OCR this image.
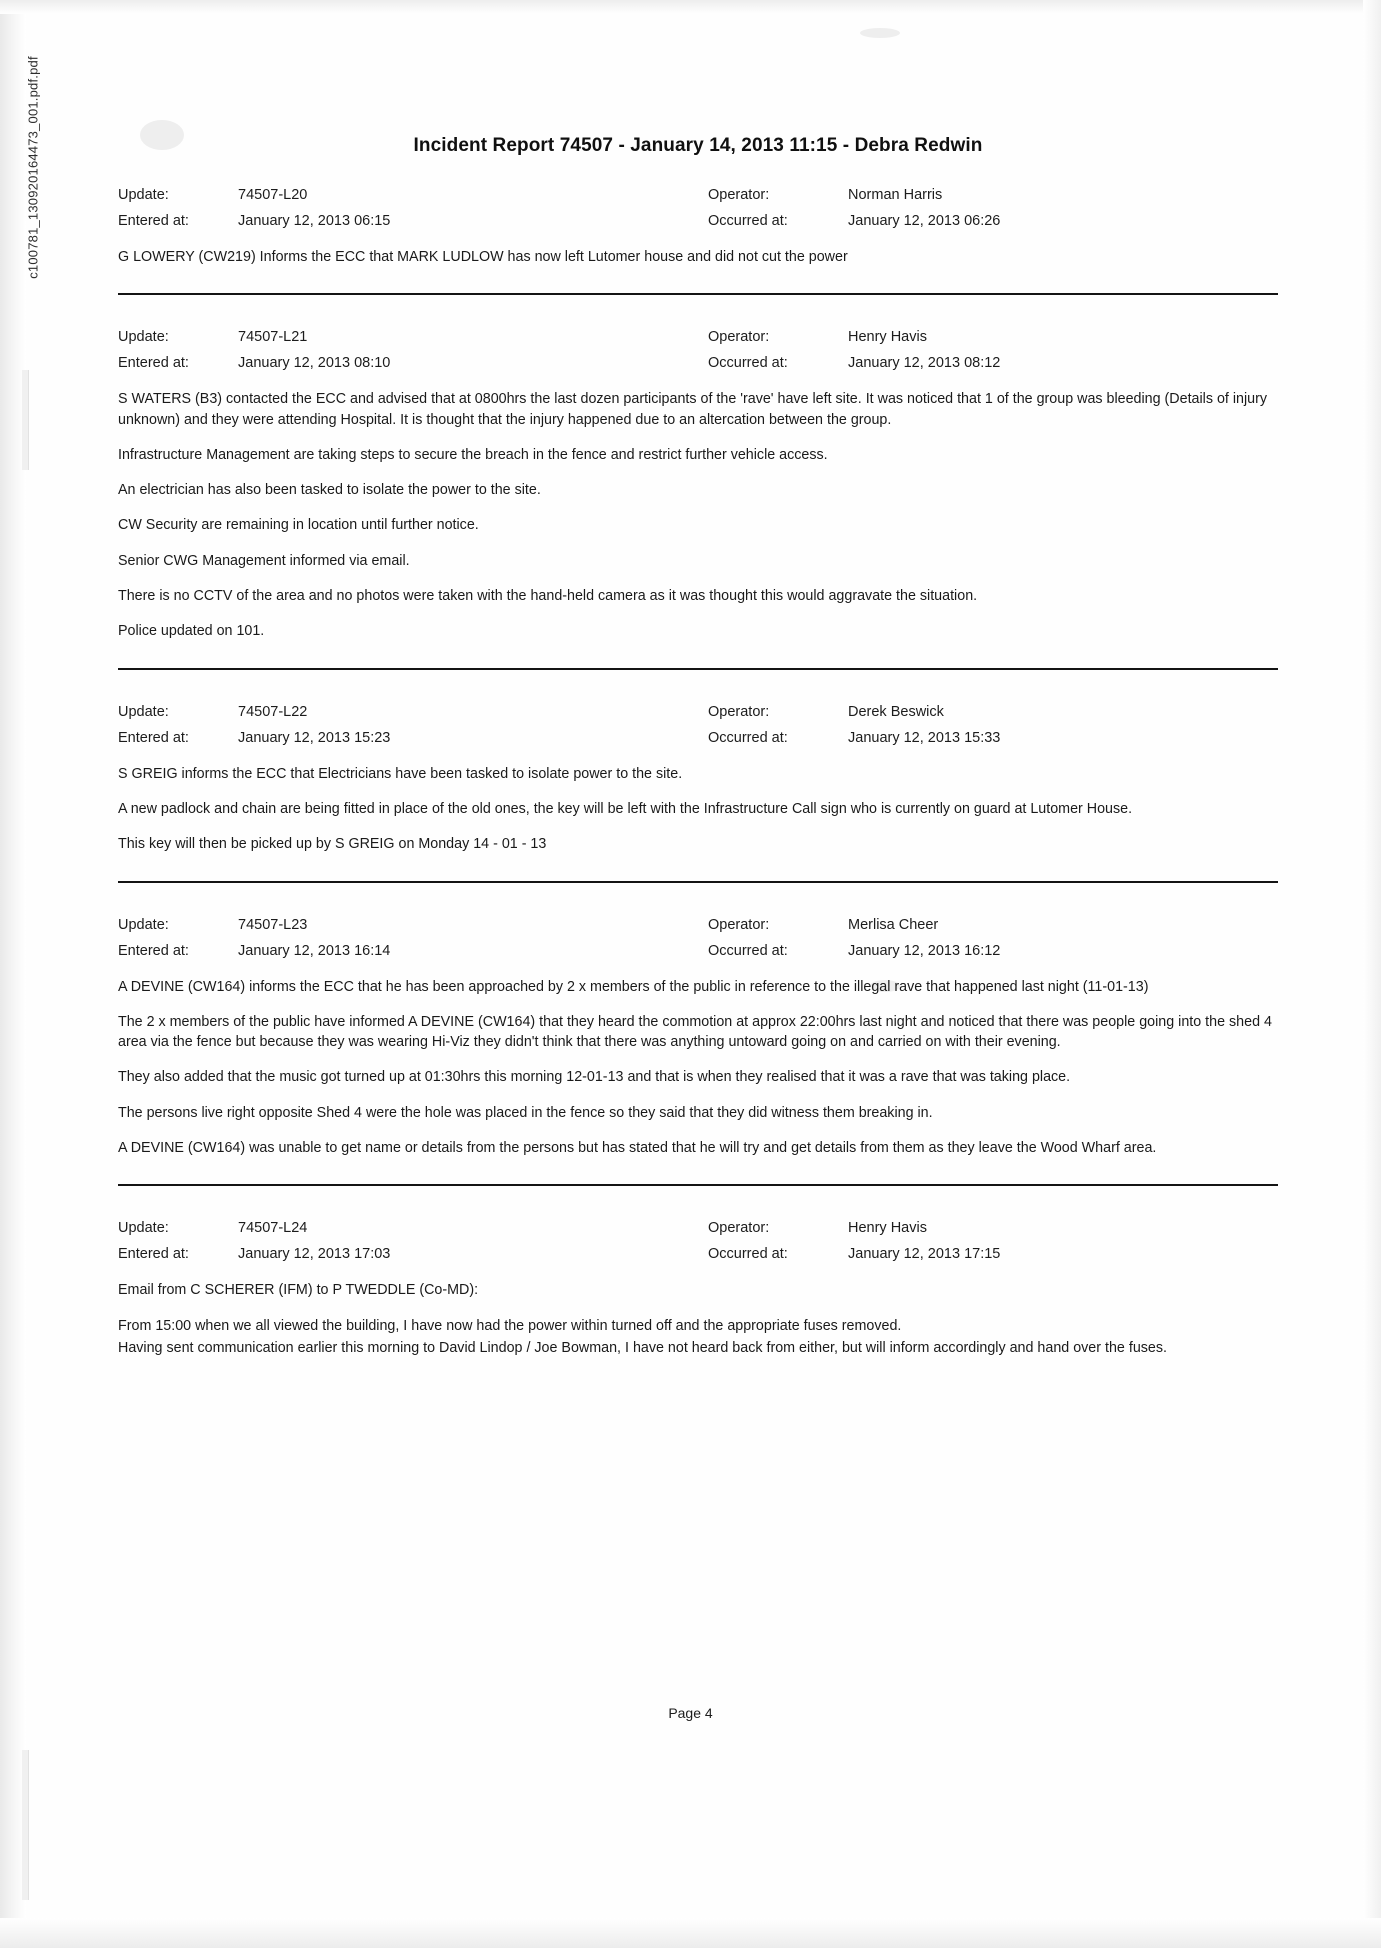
c100781_130920164473_001.pdf.pdf	Incident Report 74507 - January 14, 2013 11:15 - Debra Redwin
Update:	74507-L20	Operator:	Norman Harris
Entered at:	January 12, 2013 06:15	Occurred at:	January 12, 2013 06:26

G LOWERY (CW219) Informs the ECC that MARK LUDLOW has now left Lutomer house and did not cut the power

Update:	74507-L21	Operator:	Henry Havis
Entered at:	January 12, 2013 08:10	Occurred at:	January 12, 2013 08:12

S WATERS (B3) contacted the ECC and advised that at 0800hrs the last dozen participants of the 'rave' have left site. It was noticed that 1 of the group was bleeding (Details of injury unknown) and they were attending Hospital. It is thought that the injury happened due to an altercation between the group.

Infrastructure Management are taking steps to secure the breach in the fence and restrict further vehicle access.

An electrician has also been tasked to isolate the power to the site.

CW Security are remaining in location until further notice.

Senior CWG Management informed via email.

There is no CCTV of the area and no photos were taken with the hand-held camera as it was thought this would aggravate the situation.

Police updated on 101.

Update:	74507-L22	Operator:	Derek Beswick
Entered at:	January 12, 2013 15:23	Occurred at:	January 12, 2013 15:33

S GREIG informs the ECC that Electricians have been tasked to isolate power to the site.

A new padlock and chain are being fitted in place of the old ones, the key will be left with the Infrastructure Call sign who is currently on guard at Lutomer House.

This key will then be picked up by S GREIG on Monday 14 - 01 - 13

Update:	74507-L23	Operator:	Merlisa Cheer
Entered at:	January 12, 2013 16:14	Occurred at:	January 12, 2013 16:12

A DEVINE (CW164) informs the ECC that he has been approached by 2 x members of the public in reference to the illegal rave that happened last night (11-01-13)

The 2 x members of the public have informed A DEVINE (CW164) that they heard the commotion at approx 22:00hrs last night and noticed that there was people going into the shed 4 area via the fence but because they was wearing Hi-Viz they didn't think that there was anything untoward going on and carried on with their evening.

They also added that the music got turned up at 01:30hrs this morning 12-01-13 and that is when they realised that it was a rave that was taking place.

The persons live right opposite Shed 4 were the hole was placed in the fence so they said that they did witness them breaking in.

A DEVINE (CW164) was unable to get name or details from the persons but has stated that he will try and get details from them as they leave the Wood Wharf area.

Update:	74507-L24	Operator:	Henry Havis
Entered at:	January 12, 2013 17:03	Occurred at:	January 12, 2013 17:15

Email from C SCHERER (IFM) to P TWEDDLE (Co-MD):

From 15:00 when we all viewed the building, I have now had the power within turned off and the appropriate fuses removed.

Having sent communication earlier this morning to David Lindop / Joe Bowman, I have not heard back from either, but will inform accordingly and hand over the fuses.

Page 4
